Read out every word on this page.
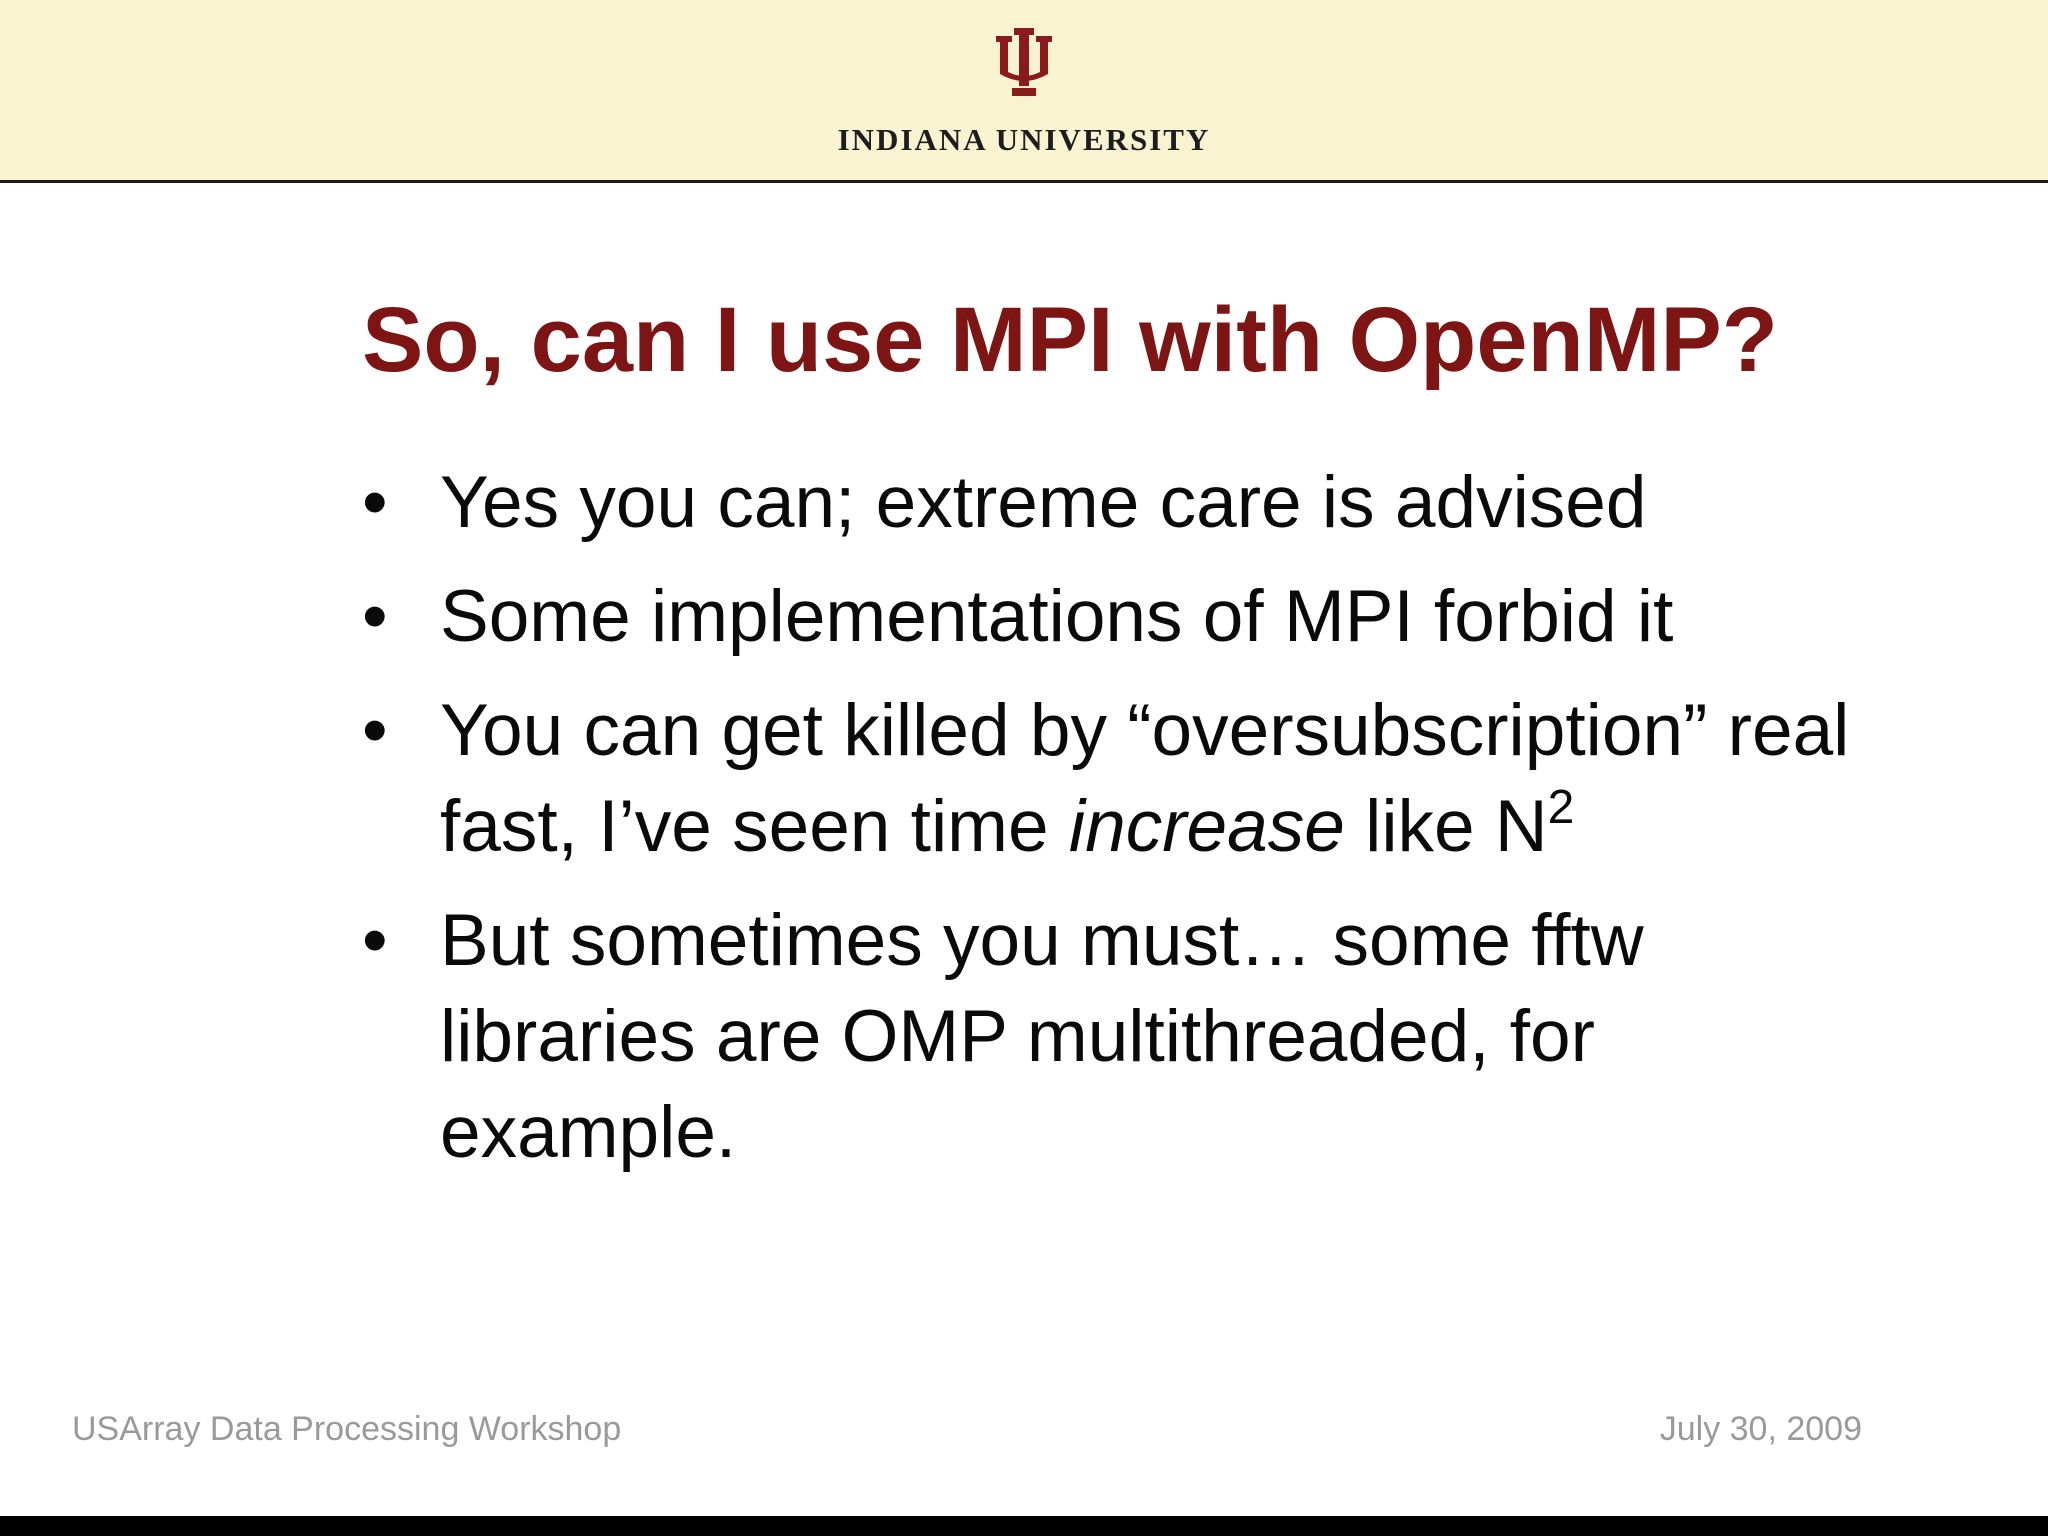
INDIANA UNIVERSITY
So, can I use MPI with OpenMP?
• Yes you can; extreme care is advised
• Some implementations of MPI forbid it
• You can get killed by “oversubscription” real fast, I’ve seen time increase like $N^2$
• But sometimes you must… some fftw libraries are OMP multithreaded, for example.
USArray Data Processing Workshop	July 30, 2009
